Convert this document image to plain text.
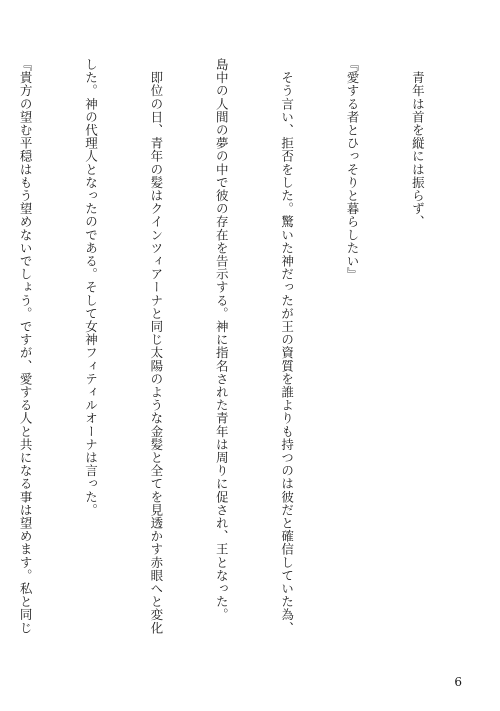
　青年は首を縦には振らず、

『愛する者とひっそりと暮らしたい』

　そう言い、拒否をした。驚いた神だったが王の資質を誰よりも持つのは彼だと確信していた為、

島中の人間の夢の中で彼の存在を告示する。神に指名された青年は周りに促され、王となった。

　即位の日、青年の髪はクインツィアーナと同じ太陽のような金髪と全てを見透かす赤眼へと変化

した。神の代理人となったのである。そして女神フィティルオーナは言った。

『貴方の望む平穏はもう望めないでしょう。ですが、愛する人と共になる事は望めます。私と同じ

6
